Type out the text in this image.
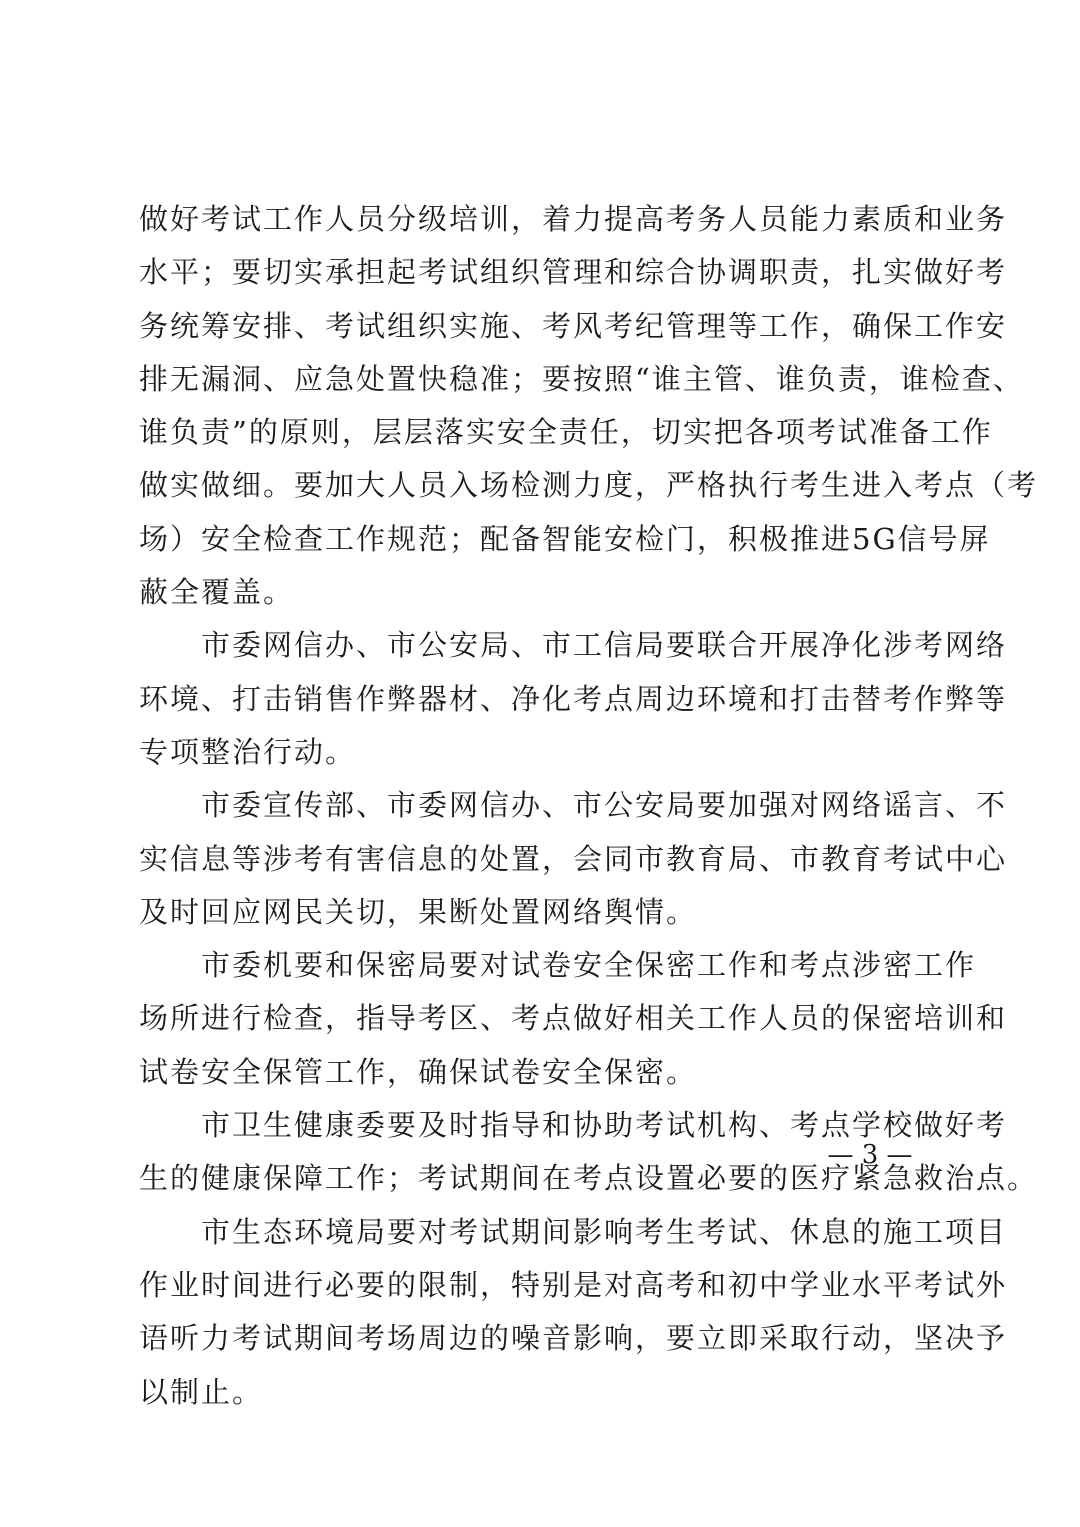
做好考试工作人员分级培训，着力提高考务人员能力素质和业务
水平；要切实承担起考试组织管理和综合协调职责，扎实做好考
务统筹安排、考试组织实施、考风考纪管理等工作，确保工作安
排无漏洞、应急处置快稳准；要按照“谁主管、谁负责，谁检查、
谁负责”的原则，层层落实安全责任，切实把各项考试准备工作
做实做细。要加大人员入场检测力度，严格执行考生进入考点（考
场）安全检查工作规范；配备智能安检门，积极推进5G信号屏
蔽全覆盖。
市委网信办、市公安局、市工信局要联合开展净化涉考网络
环境、打击销售作弊器材、净化考点周边环境和打击替考作弊等
专项整治行动。
市委宣传部、市委网信办、市公安局要加强对网络谣言、不
实信息等涉考有害信息的处置，会同市教育局、市教育考试中心
及时回应网民关切，果断处置网络舆情。
市委机要和保密局要对试卷安全保密工作和考点涉密工作
场所进行检查，指导考区、考点做好相关工作人员的保密培训和
试卷安全保管工作，确保试卷安全保密。
市卫生健康委要及时指导和协助考试机构、考点学校做好考
生的健康保障工作；考试期间在考点设置必要的医疗紧急救治点。
市生态环境局要对考试期间影响考生考试、休息的施工项目
作业时间进行必要的限制，特别是对高考和初中学业水平考试外
语听力考试期间考场周边的噪音影响，要立即采取行动，坚决予
以制止。
— 3 —
